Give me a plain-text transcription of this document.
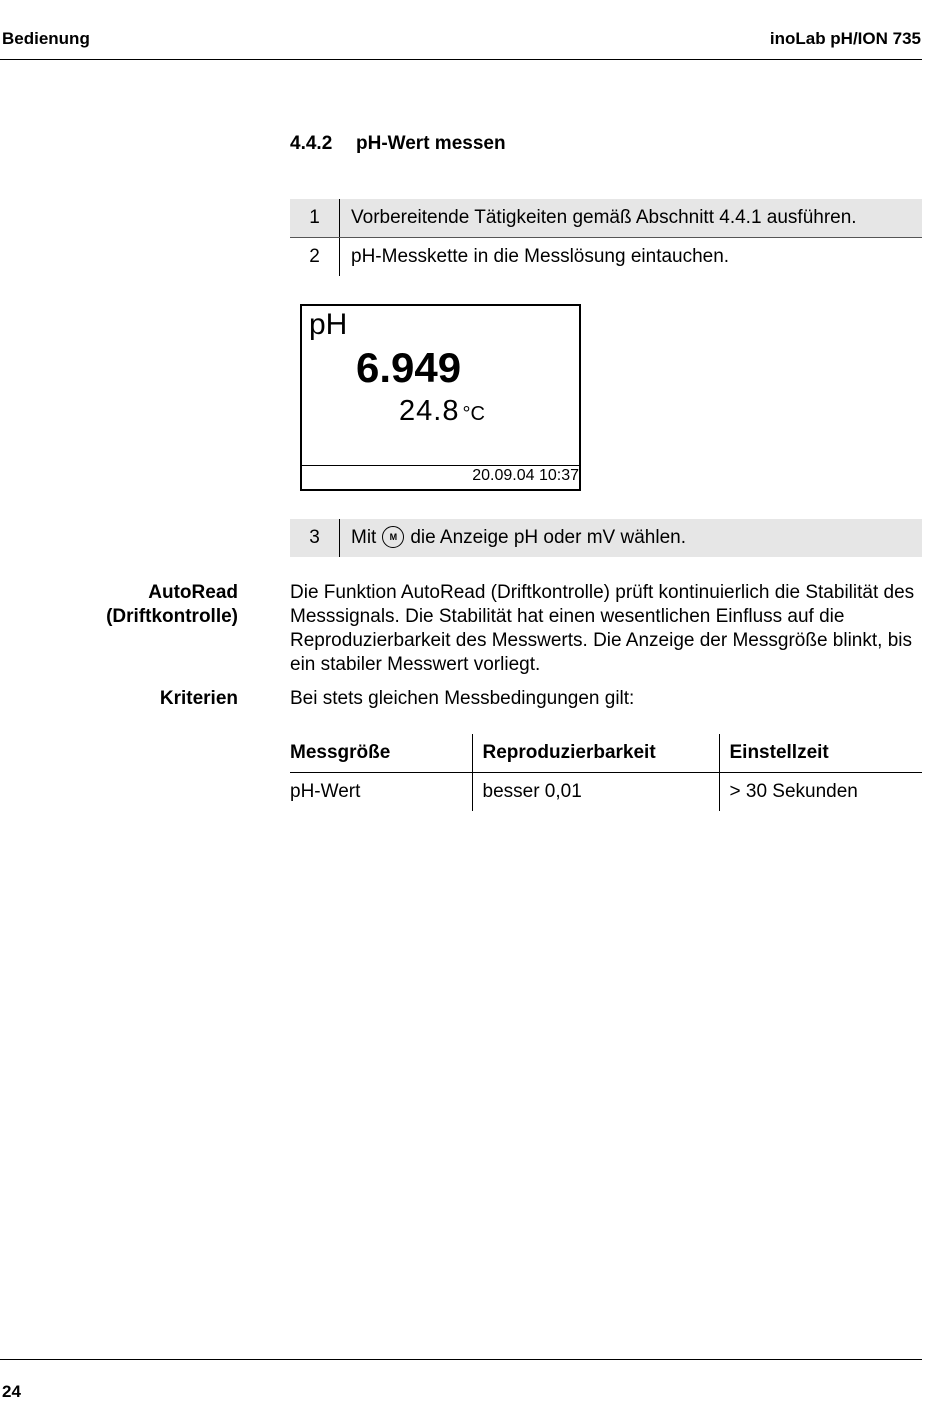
Bedienung	inoLab pH/ION 735
4.4.2 pH-Wert messen
1	Vorbereitende Tätigkeiten gemäß Abschnitt 4.4.1 ausführen.
2	pH-Messkette in die Messlösung eintauchen.
pH
6.949
24.8 °C
20.09.04 10:37
3	Mit M die Anzeige pH oder mV wählen.
AutoRead
(Driftkontrolle)
Die Funktion AutoRead (Driftkontrolle) prüft kontinuierlich die Stabilität des Messsignals. Die Stabilität hat einen wesentlichen Einfluss auf die Reproduzierbarkeit des Messwerts. Die Anzeige der Messgröße blinkt, bis ein stabiler Messwert vorliegt.
Kriterien	Bei stets gleichen Messbedingungen gilt:
Messgröße	Reproduzierbarkeit	Einstellzeit
pH-Wert	besser 0,01	> 30 Sekunden
24
